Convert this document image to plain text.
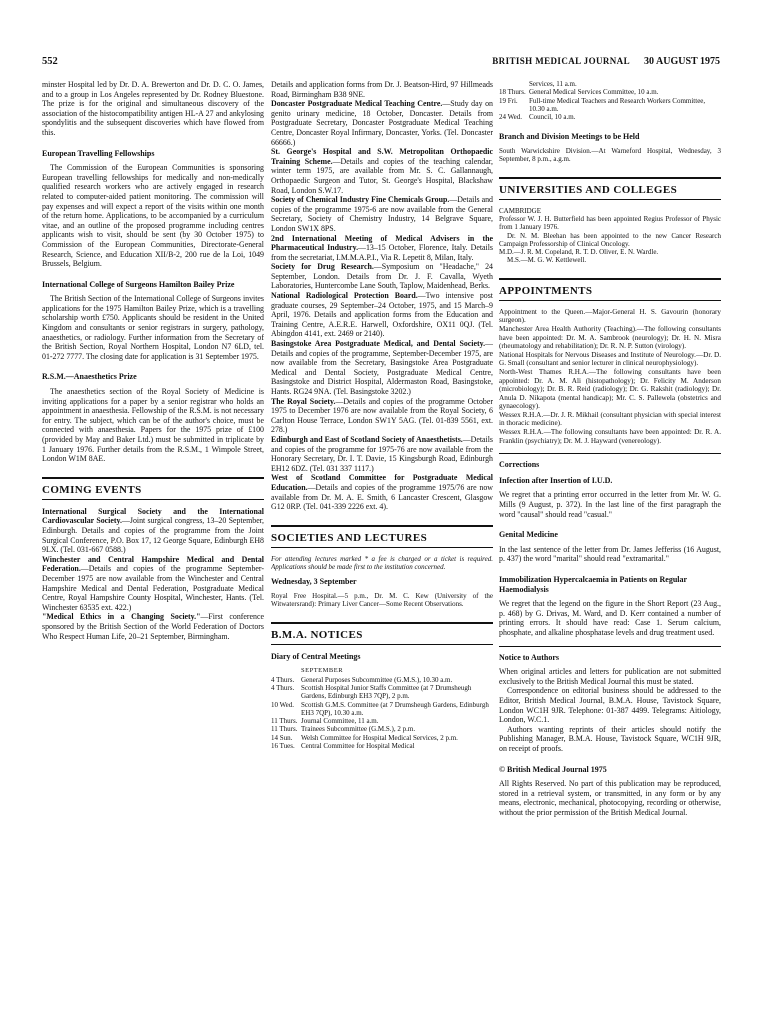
552	BRITISH MEDICAL JOURNAL 30 AUGUST 1975

minster Hospital led by Dr. D. A. Brewerton and Dr. D. C. O. James, and to a group in Los Angeles represented by Dr. Rodney Bluestone. The prize is for the original and simultaneous discovery of the association of the histocompatibility antigen HL-A 27 and ankylosing spondylitis and the subsequent discoveries which have flowed from this.

European Travelling Fellowships

The Commission of the European Communities is sponsoring European travelling fellowships for medically and non-medically qualified research workers who are actively engaged in research related to computer-aided patient monitoring. The commission will pay expenses and will expect a report of the visits within one month of the return home. Applications, to be accompanied by a curriculum vitae, and an outline of the proposed programme including centres applicants wish to visit, should be sent (by 30 October 1975) to Commission of the European Communities, Directorate-General Research, Science, and Education XII/B-2, 200 rue de la Loi, 1049 Brussels, Belgium.

International College of Surgeons Hamilton Bailey Prize

The British Section of the International College of Surgeons invites applications for the 1975 Hamilton Bailey Prize, which is a travelling scholarship worth £750. Applicants should be resident in the United Kingdom and consultants or senior registrars in surgery, pathology, anaesthetics, or radiology. Further information from the Secretary of the British Section, Royal Northern Hospital, London N7 6LD, tel. 01-272 7777. The closing date for application is 31 September 1975.

R.S.M.—Anaesthetics Prize

The anaesthetics section of the Royal Society of Medicine is inviting applications for a paper by a senior registrar who holds an appointment in anaesthesia. Fellowship of the R.S.M. is not necessary for entry. The subject, which can be of the author's choice, must be connected with anaesthesia. Papers for the 1975 prize of £100 (provided by May and Baker Ltd.) must be submitted in triplicate by 1 January 1976. Further details from the R.S.M., 1 Wimpole Street, London W1M 8AE.

COMING EVENTS

International Surgical Society and the International Cardiovascular Society.—Joint surgical congress, 13–20 September, Edinburgh. Details and copies of the programme from the Joint Surgical Conference, P.O. Box 17, 12 George Square, Edinburgh EH8 9LX. (Tel. 031-667 0588.)

Winchester and Central Hampshire Medical and Dental Federation.—Details and copies of the programme September-December 1975 are now available from the Winchester and Central Hampshire Medical and Dental Federation, Postgraduate Medical Centre, Royal Hampshire County Hospital, Winchester, Hants. (Tel. Winchester 63535 ext. 422.)

"Medical Ethics in a Changing Society."—First conference sponsored by the British Section of the World Federation of Doctors Who Respect Human Life, 20–21 September, Birmingham.

Details and application forms from Dr. J. Beatson-Hird, 97 Hillmeads Road, Birmingham B38 9NE.

Doncaster Postgraduate Medical Teaching Centre.—Study day on genito urinary medicine, 18 October, Doncaster. Details from Postgraduate Secretary, Doncaster Postgraduate Medical Teaching Centre, Doncaster Royal Infirmary, Doncaster, Yorks. (Tel. Doncaster 66666.)

St. George's Hospital and S.W. Metropolitan Orthopaedic Training Scheme.—Details and copies of the teaching calendar, winter term 1975, are available from Mr. S. C. Gallannaugh, Orthopaedic Surgeon and Tutor, St. George's Hospital, Blackshaw Road, London S.W.17.

Society of Chemical Industry Fine Chemicals Group.—Details and copies of the programme 1975-6 are now available from the General Secretary, Society of Chemistry Industry, 14 Belgrave Square, London SW1X 8PS.

2nd International Meeting of Medical Advisers in the Pharmaceutical Industry.—13–15 October, Florence, Italy. Details from the secretariat, I.M.M.A.P.I., Via R. Lepetit 8, Milan, Italy.

Society for Drug Research.—Symposium on "Headache," 24 September, London. Details from Dr. J. F. Cavalla, Wyeth Laboratories, Huntercombe Lane South, Taplow, Maidenhead, Berks.

National Radiological Protection Board.—Two intensive post graduate courses, 29 September–24 October, 1975, and 15 March–9 April, 1976. Details and application forms from the Education and Training Centre, A.E.R.E. Harwell, Oxfordshire, OX11 0QJ. (Tel. Abingdon 4141, ext. 2469 or 2140).

Basingstoke Area Postgraduate Medical, and Dental Society.—Details and copies of the programme, September-December 1975, are now available from the Secretary, Basingstoke Area Postgraduate Medical and Dental Society, Postgraduate Medical Centre, Basingstoke and District Hospital, Aldermaston Road, Basingstoke, Hants. RG24 9NA. (Tel. Basingstoke 3202.)

The Royal Society.—Details and copies of the programme October 1975 to December 1976 are now available from the Royal Society, 6 Carlton House Terrace, London SW1Y 5AG. (Tel. 01-839 5561, ext. 278.)

Edinburgh and East of Scotland Society of Anaesthetists.—Details and copies of the programme for 1975-76 are now available from the Honorary Secretary, Dr. I. T. Davie, 15 Kingsburgh Road, Edinburgh EH12 6DZ. (Tel. 031 337 1117.)

West of Scotland Committee for Postgraduate Medical Education.—Details and copies of the programme 1975/76 are now available from Dr. M. A. E. Smith, 6 Lancaster Crescent, Glasgow G12 0RP. (Tel. 041-339 2226 ext. 4).

SOCIETIES AND LECTURES

For attending lectures marked * a fee is charged or a ticket is required. Applications should be made first to the institution concerned.

Wednesday, 3 September

Royal Free Hospital.—5 p.m., Dr. M. C. Kew (University of the Witwatersrand): Primary Liver Cancer—Some Recent Observations.

B.M.A. NOTICES
Diary of Central Meetings
SEPTEMBER
4 Thurs.	General Purposes Subcommittee (G.M.S.), 10.30 a.m.
4 Thurs.	Scottish Hospital Junior Staffs Committee (at 7 Drumsheugh Gardens, Edinburgh EH3 7QP), 2 p.m.
10 Wed.	Scottish G.M.S. Committee (at 7 Drumsheugh Gardens, Edinburgh EH3 7QP), 10.30 a.m.
11 Thurs.	Journal Committee, 11 a.m.
11 Thurs.	Trainees Subcommittee (G.M.S.), 2 p.m.
14 Sun.	Welsh Committee for Hospital Medical Services, 2 p.m.
16 Tues.	Central Committee for Hospital Medical
	Services, 11 a.m.
18 Thurs.	General Medical Services Committee, 10 a.m.
19 Fri.	Full-time Medical Teachers and Research Workers Committee, 10.30 a.m.
24 Wed.	Council, 10 a.m.
Branch and Division Meetings to be Held

South Warwickshire Division.—At Warneford Hospital, Wednesday, 3 September, 8 p.m., a.g.m.

UNIVERSITIES AND COLLEGES
CAMBRIDGE

Professor W. J. H. Butterfield has been appointed Regius Professor of Physic from 1 January 1976.

Dr. N. M. Bleehan has been appointed to the new Cancer Research Campaign Professorship of Clinical Oncology.

M.D.—J. R. M. Copeland, R. T. D. Oliver, E. N. Wardle.

M.S.—M. G. W. Kettlewell.

APPOINTMENTS

Appointment to the Queen.—Major-General H. S. Gavourin (honorary surgeon).

Manchester Area Health Authority (Teaching).—The following consultants have been appointed: Dr. M. A. Sambrook (neurology); Dr. H. N. Misra (rheumatology and rehabilitation); Dr. R. N. P. Sutton (virology).

National Hospitals for Nervous Diseases and Institute of Neurology.—Dr. D. G. Small (consultant and senior lecturer in clinical neurophysiology).

North-West Thames R.H.A.—The following consultants have been appointed: Dr. A. M. Ali (histopathology); Dr. Felicity M. Anderson (microbiology); Dr. B. R. Reid (radiology); Dr. G. Rakshit (radiology); Dr. Anula D. Nikapota (mental handicap); Mr. C. S. Pallewela (obstetrics and gynaecology).

Wessex R.H.A.—Dr. J. R. Mikhail (consultant physician with special interest in thoracic medicine).

Wessex R.H.A.—The following consultants have been appointed: Dr. R. A. Franklin (psychiatry); Dr. M. J. Hayward (venereology).

Corrections
Infection after Insertion of I.U.D.

We regret that a printing error occurred in the letter from Mr. W. G. Mills (9 August, p. 372). In the last line of the first paragraph the word "causal" should read "casual."

Genital Medicine

In the last sentence of the letter from Dr. James Jefferiss (16 August, p. 437) the word "marital" should read "extramarital."

Immobilization Hypercalcaemia in Patients on Regular Haemodialysis

We regret that the legend on the figure in the Short Report (23 Aug., p. 468) by G. Drivas, M. Ward, and D. Kerr contained a number of printing errors. It should have read: Case 1. Serum calcium, phosphate, and alkaline phosphatase levels and drug treatment used.

Notice to Authors

When original articles and letters for publication are not submitted exclusively to the British Medical Journal this must be stated.

Correspondence on editorial business should be addressed to the Editor, British Medical Journal, B.M.A. House, Tavistock Square, London WC1H 9JR. Telephone: 01-387 4499. Telegrams: Aitiology, London, W.C.1.

Authors wanting reprints of their articles should notify the Publishing Manager, B.M.A. House, Tavistock Square, WC1H 9JR, on receipt of proofs.

© British Medical Journal 1975

All Rights Reserved. No part of this publication may be reproduced, stored in a retrieval system, or transmitted, in any form or by any means, electronic, mechanical, photocopying, recording or otherwise, without the prior permission of the British Medical Journal.
